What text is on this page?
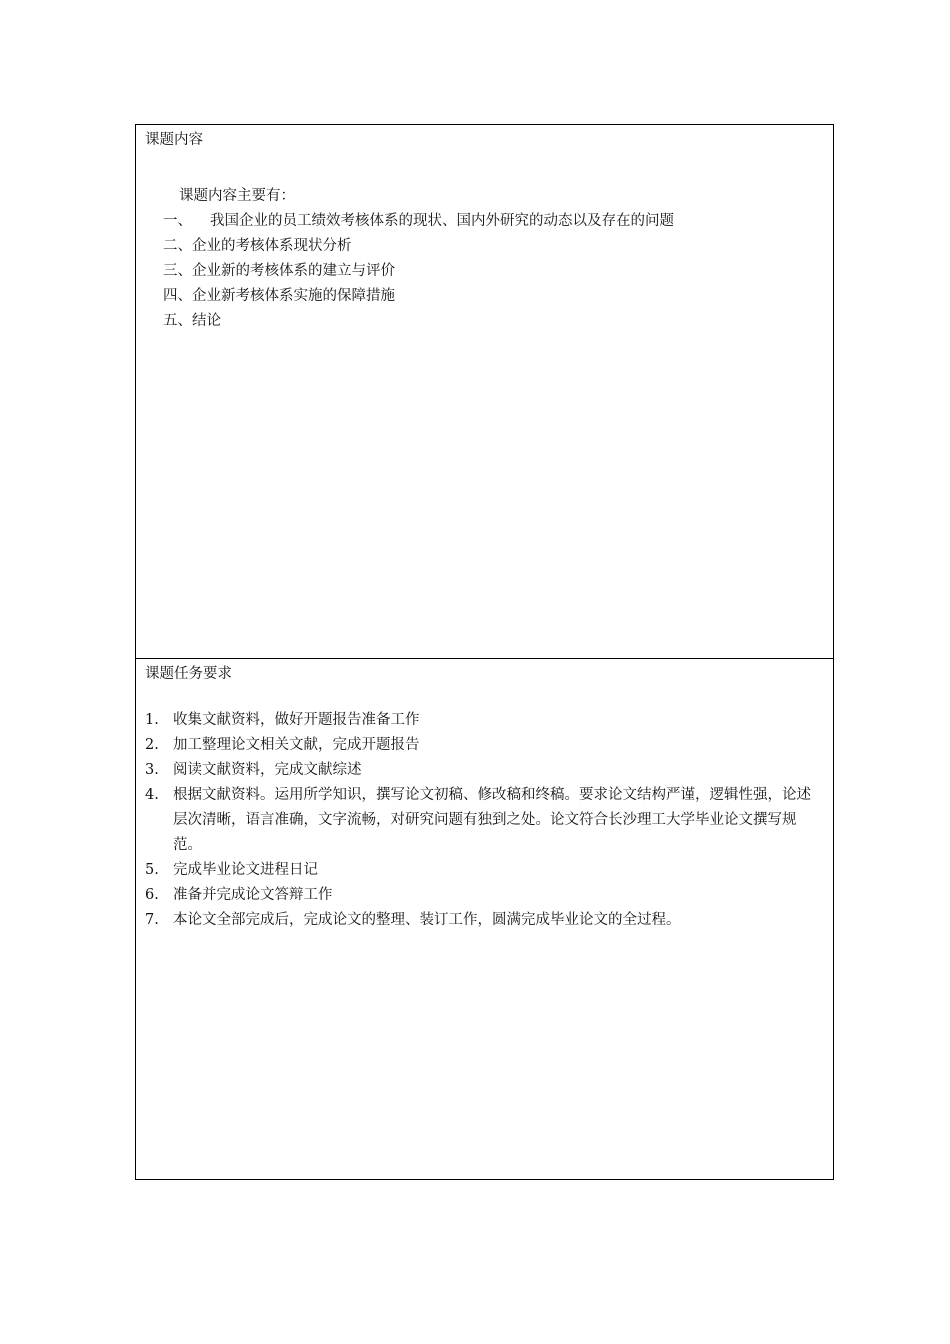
课题内容
课题内容主要有：
一、	我国企业的员工绩效考核体系的现状、国内外研究的动态以及存在的问题
二、 企业的考核体系现状分析
三、 企业新的考核体系的建立与评价
四、 企业新考核体系实施的保障措施
五、 结论
课题任务要求
1. 收集文献资料，做好开题报告准备工作
2. 加工整理论文相关文献，完成开题报告
3. 阅读文献资料，完成文献综述
4. 根据文献资料。运用所学知识，撰写论文初稿、修改稿和终稿。要求论文结构严谨，逻辑性强，论述层次清晰，语言准确，文字流畅，对研究问题有独到之处。论文符合长沙理工大学毕业论文撰写规范。
5. 完成毕业论文进程日记
6. 准备并完成论文答辩工作
7. 本论文全部完成后，完成论文的整理、装订工作，圆满完成毕业论文的全过程。
